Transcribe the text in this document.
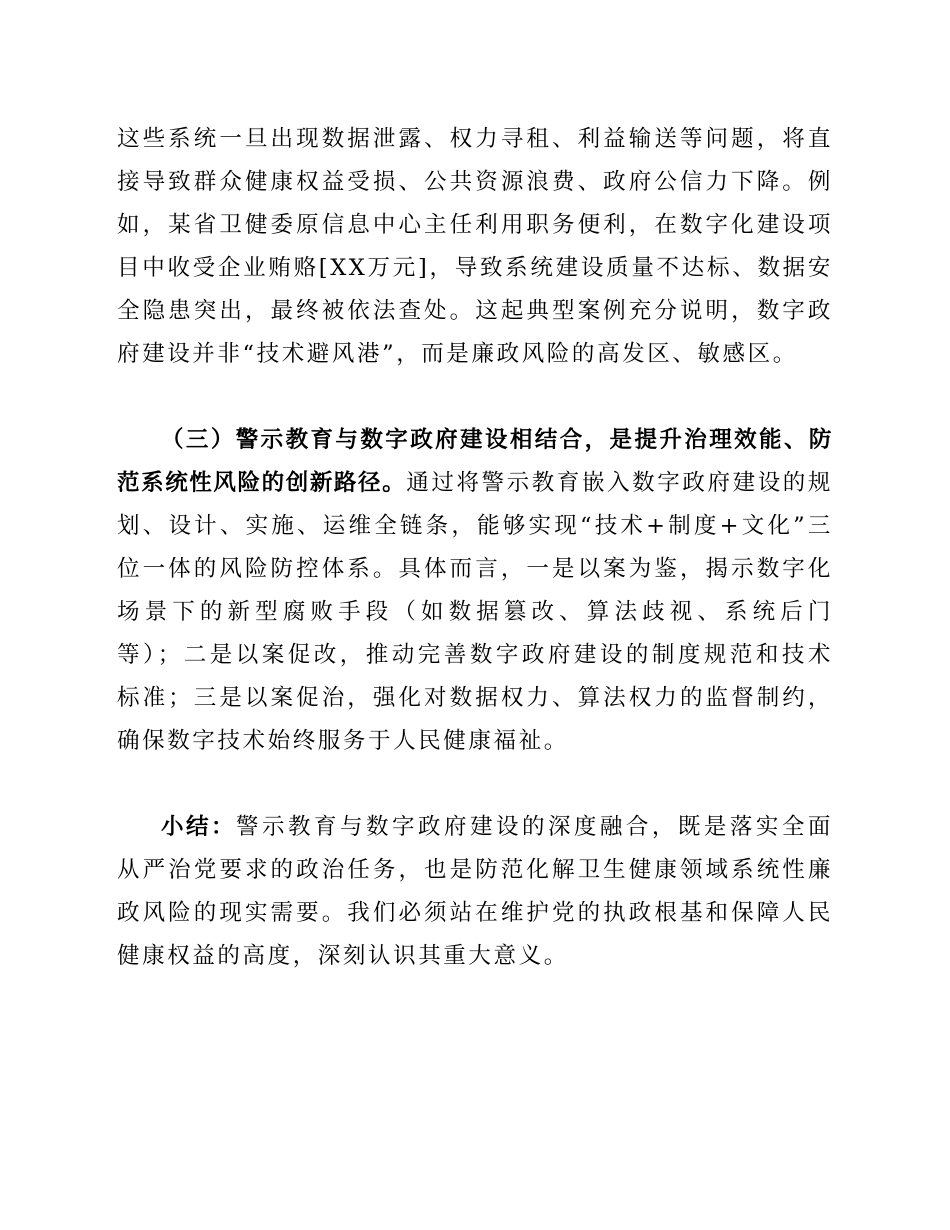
这些系统一旦出现数据泄露、权力寻租、利益输送等问题，将直接导致群众健康权益受损、公共资源浪费、政府公信力下降。例如，某省卫健委原信息中心主任利用职务便利，在数字化建设项目中收受企业贿赂[XX万元]，导致系统建设质量不达标、数据安全隐患突出，最终被依法查处。这起典型案例充分说明，数字政府建设并非“技术避风港”，而是廉政风险的高发区、敏感区。

（三）警示教育与数字政府建设相结合，是提升治理效能、防范系统性风险的创新路径。通过将警示教育嵌入数字政府建设的规划、设计、实施、运维全链条，能够实现“技术+制度+文化”三位一体的风险防控体系。具体而言，一是以案为鉴，揭示数字化场景下的新型腐败手段（如数据篡改、算法歧视、系统后门等）；二是以案促改，推动完善数字政府建设的制度规范和技术标准；三是以案促治，强化对数据权力、算法权力的监督制约，确保数字技术始终服务于人民健康福祉。

小结：警示教育与数字政府建设的深度融合，既是落实全面从严治党要求的政治任务，也是防范化解卫生健康领域系统性廉政风险的现实需要。我们必须站在维护党的执政根基和保障人民健康权益的高度，深刻认识其重大意义。
